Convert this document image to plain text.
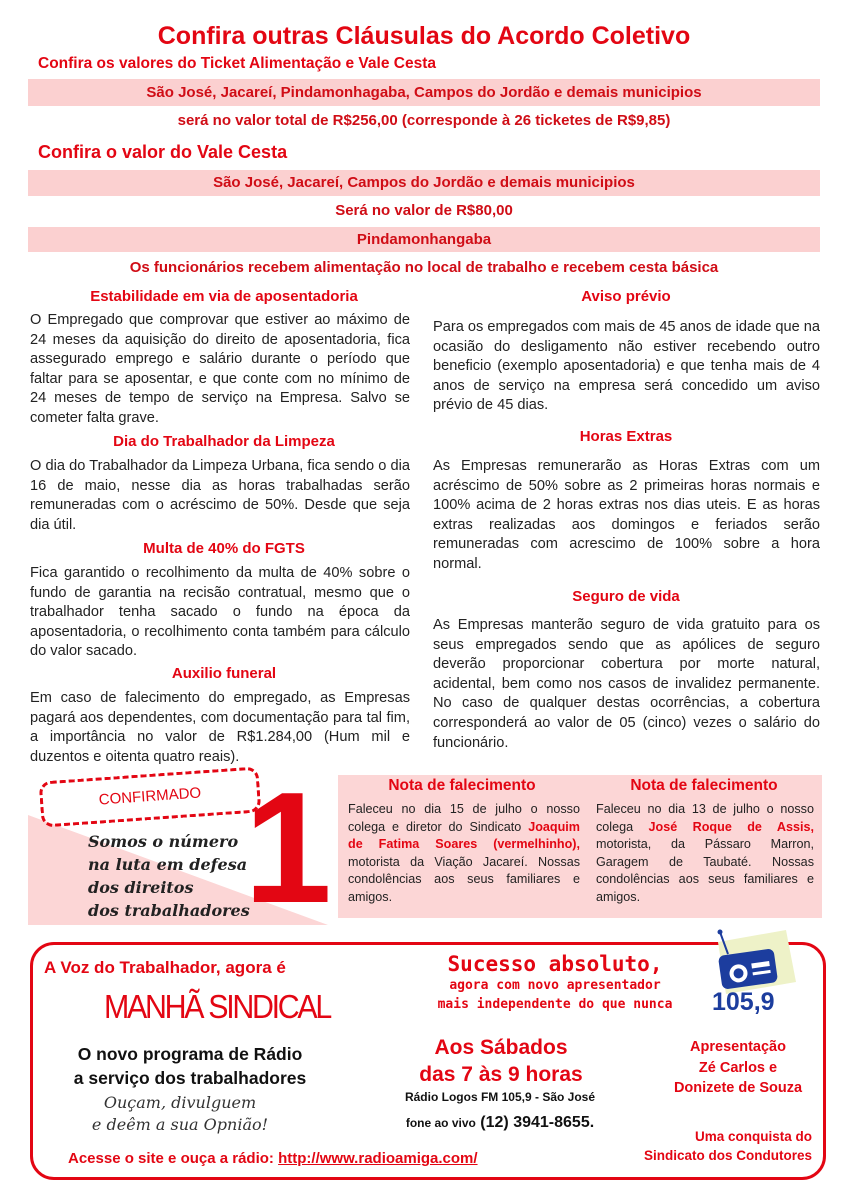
Confira outras Cláusulas do Acordo Coletivo
Confira os valores do Ticket Alimentação e Vale Cesta
São José, Jacareí, Pindamonhagaba, Campos do Jordão e demais municipios
será no valor total de R$256,00 (corresponde à 26 ticketes de R$9,85)
Confira o valor do Vale Cesta
São José, Jacareí, Campos do Jordão e demais municipios
Será no valor de R$80,00
Pindamonhangaba
Os funcionários recebem alimentação no local de trabalho e recebem cesta básica
Estabilidade em via de aposentadoria
O Empregado que comprovar que estiver ao máximo de 24 meses da aquisição do direito de aposentadoria, fica assegurado emprego e salário durante o período que faltar para se aposentar, e que conte com no mínimo de 24 meses de tempo de serviço na Empresa. Salvo se cometer falta grave.
Dia do Trabalhador da Limpeza
O dia do Trabalhador da Limpeza Urbana, fica sendo o dia 16 de maio, nesse dia as horas trabalhadas serão remuneradas com o acréscimo de 50%. Desde que seja dia útil.
Multa de 40% do FGTS
Fica garantido o recolhimento da multa de 40% sobre o fundo de garantia na recisão contratual, mesmo que o trabalhador tenha sacado o fundo na época da aposentadoria, o recolhimento conta também para cálculo do valor sacado.
Auxilio funeral
Em caso de falecimento do empregado, as Empresas pagará aos dependentes, com documentação para tal fim, a importância no valor de R$1.284,00 (Hum mil e duzentos e oitenta quatro reais).
Aviso prévio
Para os empregados com mais de 45 anos de idade que na ocasião do desligamento não estiver recebendo outro beneficio (exemplo aposentadoria) e que tenha mais de 4 anos de serviço na empresa será concedido um aviso prévio de 45 dias.
Horas Extras
As Empresas remunerarão as Horas Extras com um acréscimo de 50% sobre as 2 primeiras horas normais e 100% acima de 2 horas extras nos dias uteis. E as horas extras realizadas aos domingos e feriados serão remuneradas com acrescimo de 100% sobre a hora normal.
Seguro de vida
As Empresas manterão seguro de vida gratuito para os seus empregados sendo que as apólices de seguro deverão proporcionar cobertura por morte natural, acidental, bem como nos casos de invalidez permanente. No caso de qualquer destas ocorrências, a cobertura corresponderá ao valor de 05 (cinco) vezes o salário do funcionário.
CONFIRMADO
Somos o número
na luta em defesa
dos direitos
dos trabalhadores
1	Nota de falecimento
Faleceu no dia 15 de julho o nosso colega e diretor do Sindicato Joaquim de Fatima Soares (vermelhinho), motorista da Viação Jacareí. Nossas condolências aos seus familiares e amigos.
Nota de falecimento
Faleceu no dia 13 de julho o nosso colega José Roque de Assis, motorista, da Pássaro Marron, Garagem de Taubaté. Nossas condolências aos seus familiares e amigos.
A Voz do Trabalhador, agora é
MANHÃ SINDICAL
O novo programa de Rádio
a serviço dos trabalhadores
Ouçam, divulguem
e deêm a sua Opnião!
Acesse o site e ouça a rádio: http://www.radioamiga.com/
Sucesso absoluto,
agora com novo apresentador
mais independente do que nunca
Aos Sábados
das 7 às 9 horas
Rádio Logos FM 105,9 - São José
fone ao vivo (12) 3941-8655.
105,9
Apresentação
Zé Carlos e
Donizete de Souza
Uma conquista do
Sindicato dos Condutores
